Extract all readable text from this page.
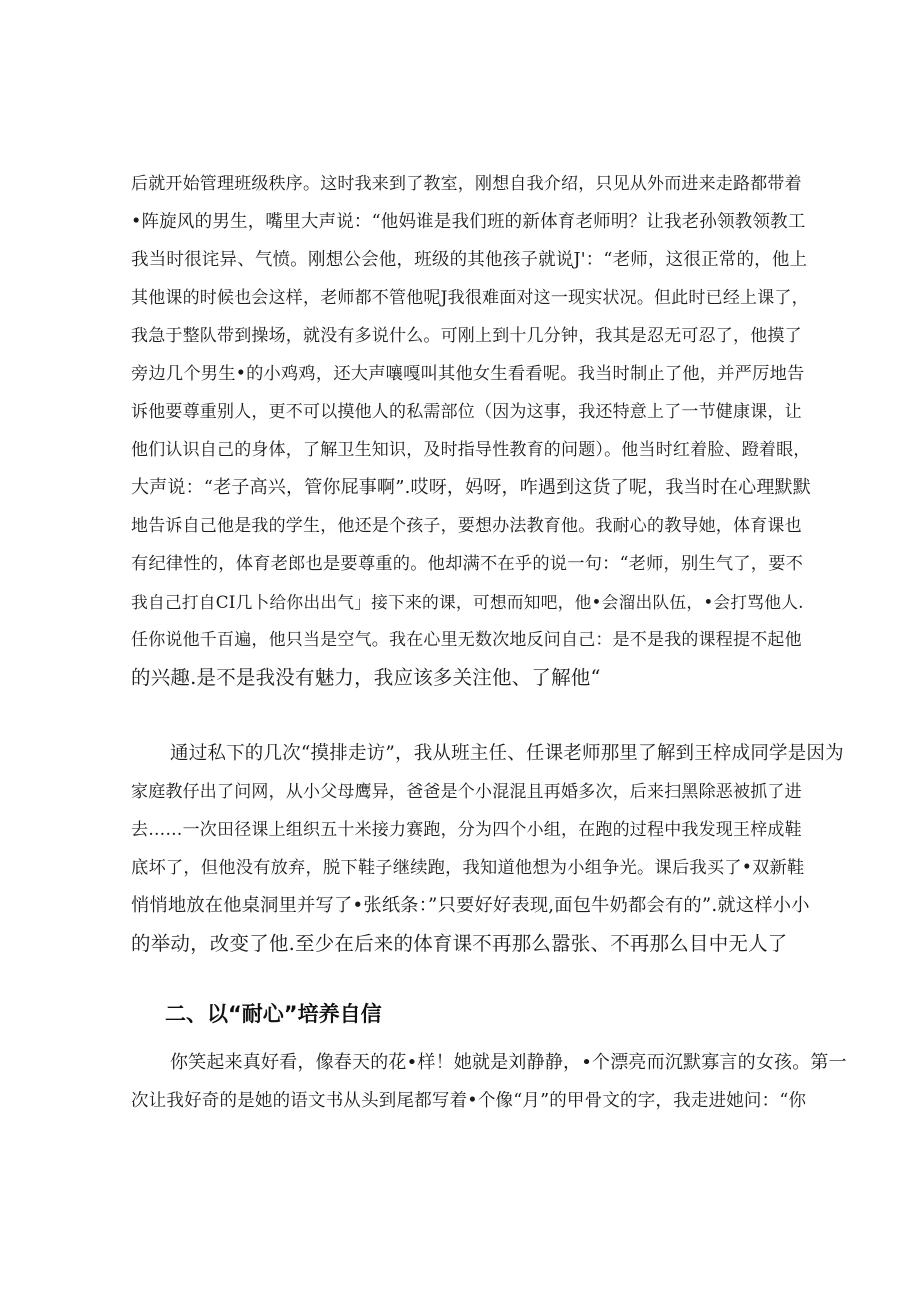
后就开始管理班级秩序。这时我来到了教室，刚想自我介绍，只见从外而进来走路都带着
•阵旋风的男生，嘴里大声说：“他妈谁是我们班的新体育老师明？让我老孙领教领教工
我当时很诧异、气愤。刚想公会他，班级的其他孩子就说J'：“老师，这很正常的，他上
其他课的时候也会这样，老师都不管他呢J我很难面对这一现实状况。但此时已经上课了，
我急于整队带到操场，就没有多说什么。可刚上到十几分钟，我其是忍无可忍了，他摸了
旁边几个男生•的小鸡鸡，还大声嚷嘎叫其他女生看看呢。我当时制止了他，并严厉地告
诉他要尊重别人，更不可以摸他人的私需部位（因为这事，我还特意上了一节健康课，让
他们认识自己的身体，了解卫生知识，及时指导性教育的问题）。他当时红着脸、蹬着眼，
大声说：“老子高兴，管你屁事啊”.哎呀，妈呀，咋遇到这货了呢，我当时在心理默默
地告诉自己他是我的学生，他还是个孩子，要想办法教育他。我耐心的教导她，体育课也
有纪律性的，体育老郎也是要尊重的。他却满不在乎的说一句：“老师，别生气了，要不
我自己打自CI几卜给你出出气」接下来的课，可想而知吧，他•会溜出队伍，•会打骂他人.
任你说他千百遍，他只当是空气。我在心里无数次地反问自己：是不是我的课程提不起他
的兴趣.是不是我没有魅力，我应该多关注他、了解他“
通过私下的几次“摸排走访”，我从班主任、任课老师那里了解到王梓成同学是因为
家庭教仔出了问网，从小父母鹰异，爸爸是个小混混且再婚多次，后来扫黑除恶被抓了进
去……一次田径课上组织五十米接力赛跑，分为四个小组，在跑的过程中我发现王梓成鞋
底坏了，但他没有放弃，脱下鞋子继续跑，我知道他想为小组争光。课后我买了•双新鞋
悄悄地放在他桌洞里并写了•张纸条：”只要好好表现,面包牛奶都会有的”.就这样小小
的举动，改变了他.至少在后来的体育课不再那么嚣张、不再那么目中无人了
二、以“耐心”培养自信
你笑起来真好看，像春天的花•样！她就是刘静静，•个漂亮而沉默寡言的女孩。第一
次让我好奇的是她的语文书从头到尾都写着•个像“月”的甲骨文的字，我走进她问：“你
